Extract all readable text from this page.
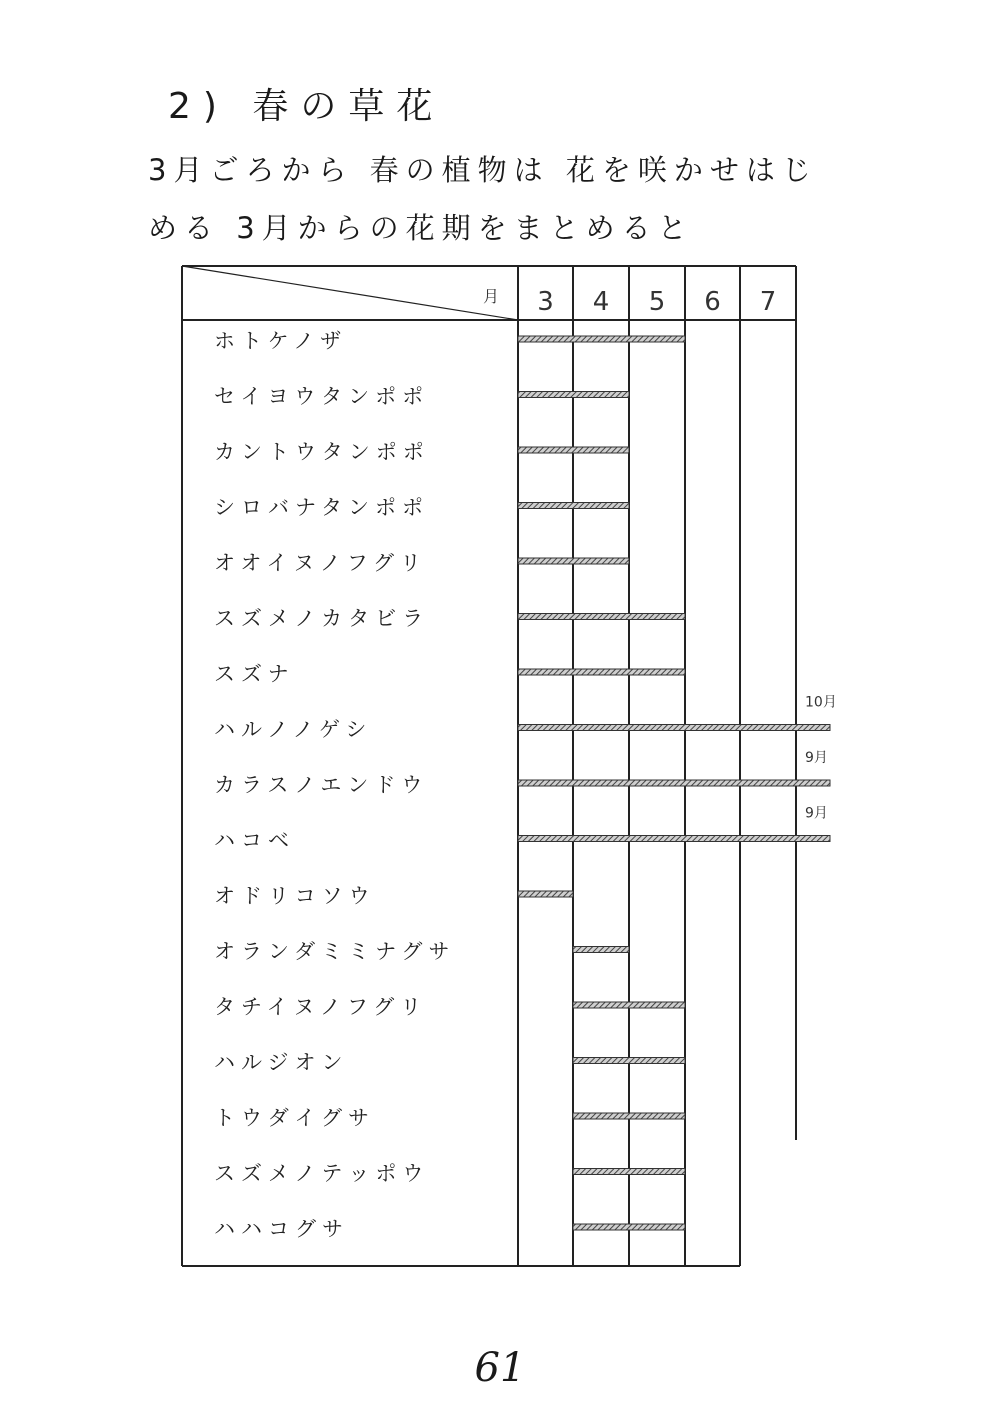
2) 春の草花
3月ごろから 春の植物は 花を咲かせはじ
める 3月からの花期をまとめると
月 3 4 5 6 7
ホトケノザ
セイヨウタンポポ
カントウタンポポ
シロバナタンポポ
オオイヌノフグリ
スズメノカタビラ
スズナ
ハルノノゲシ
10月
カラスノエンドウ
9月
ハコベ
9月
オドリコソウ
オランダミミナグサ
タチイヌノフグリ
ハルジオン
トウダイグサ
スズメノテッポウ
ハハコグサ
61
